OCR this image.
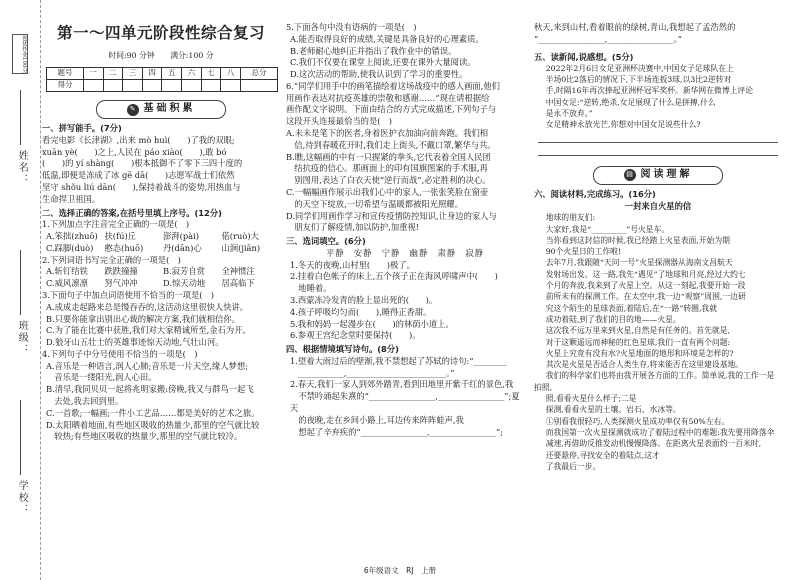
创优作业100分
姓名：
班级：
学校：
第一～四单元阶段性综合复习
时间:90 分钟　　满分:100 分
题号	一	二	三	四	五	六	七	八	总分
得分									
✎ 基础积累

一、拼写能手。(7分)

看完电影《长津湖》,出来 mò huì(　　)了我的双眼;

xuān yè(　　)之上,人民在 páo xiào(　　),敢 bó

(　　)的 yí shàng(　　)根本抵御不了零下三四十度的

低温,即便是冻成了冰 gē dā(　　)志愿军战士们依然

坚守 shǒu liú dān(　　),保持着战斗的姿势,用热血与

生命捍卫祖国。

二、选择正确的答案,在括号里填上序号。(12分)

1.下列加点字注音完全正确的一项是(　)

A.笨拙(zhuō) 扶(fú)丘	澎湃(pài)	偌(ruò)大
C.踩脚(duò)	憨态(huō)	丹(dān)心	山涧(jiān)

2.下列词语书写完全正确的一项是(　)

A.斩钉结铁	跌跌撞撞	B.寂芳自赏	全神惯注
C.威风凛凛	努气冲冲	D.惊天动地	居高临下

3.下面句子中加点词语使用不恰当的一项是(　)

A.成成走起路来总是慢吞吞的,这活动这里很快人快讲。

B.只要你能拿出别出心裁的解决方案,我们就相信你。

C.为了能在比赛中获胜,我们对大家精诚所至,金石为开。

D.狼牙山五壮士的英雄事迹惊天动地,气壮山河。

4.下列句子中分号使用不恰当的一项是(　)

A.音乐是一种语言,润人心肺;音乐是一片天空,缘人梦想;

　音乐是一缕阳光,润人心田。

B.清早,我同贝贝一起将兆明家搬:傍晚,我又与群鸟一起飞

　去处,我去回到里。

C.一首歌;一幅画;一件小工艺品……都是美好的艺术之旅。

D.太阳晒着地面,有些地区吸收的热量少,那里的空气就比较

　较热;有些地区吸收的热量少,那里的空气就比较冷。

5.下面各句中没有语病的一项是(　)

A.能否取得良好的成绩,关键是具备良好的心理素质。

B.老师耐心地纠正并指出了我作业中的错误。

C.我们不仅要在课堂上阅读,还要在课外大量阅读。

D.这次活动的帮助,使我认识到了学习的重要性。

6.“同学们用手中的画笔描绘着这场战疫中的感人画面,他们

用画作表达对抗疫英雄的崇敬和感谢……”现在请根据给

画作配文字说明。下面由结合的方式完成描述,下列句子与

这段开头连接最恰当的是(　)

A.未未是笔下的医者,身着医护衣加油向前奔跑。我们相

　信,待到春暖花开时,我们走上街头,不戴口罩,繁华与共。

B.瞧,这幅画的中有一只握紧的拳头,它代表着全国人民团

　结抗疫的信心。那画面上的印有国旗图案的手术服,再

　别图用,表达了白衣天使“逆行而战”,必定胜利的决心。

C.一幅幅画作展示出我们心中的家人,一张张笑脸在窗壶

　的天空下绽放,一切希望与温暖都被阳光照耀。

D.同学们用画作学习和宣传疫情防控知识,让身边的家人与

　朋友们了解疫情,加以防护,加重视!

三、选词填空。(6分)

平静　安静　宁静　幽静　肃静　寂静

1.冬天的夜晚,山村里(　　)极了。

2.挂着白色帐子的床上,五个孩子正在海风呼啸声中(　　)

　地睡着。

3.西蒙冻冷发青的脸上显出死的(　　)。

4.孩子呼吸均匀而(　　),睡得正香甜。

5.我和妈妈一起漫步在(　　)的林荫小道上。

6.参观王宫纪念堂时要保持(　　)。

四、根据情境填写诗句。(8分)

1.望着大雨过后的壁渐,我不禁想起了苏轼的诗句:“________

　___________,________________________。”

2.春天,我们一家人到郊外踏青,看到田地里开紫千红的景色,我

　不禁吟诵起朱熹的“________________,________________”;夏天

　的夜晚,走在乡间小路上,耳边传来阵阵蛙声,我

　想起了辛弃疾的“________________,________________”;

秋天,来到山村,看着眼前的绿树,青山,我想起了孟浩然的

“________________,________________。”

五、读新闻,说感想。(5分)

2022年2月6日女足亚洲杯决赛中,中国女子足球队在上

半场0比2落后的情况下,下半场连扳3球,以3比2逆转对

手,时隔16年再次捧起亚洲杯冠军奖杯。新华网在微博上评论

中国女足:“逆转,绝杀,女足展现了什么是拼搏,什么

是永不放弃。”

女足精神永放光芒,你想对中国女足说些什么?

▤ 阅读理解

六、阅读材料,完成练习。(16分)

一封来自火星的信

地球的朋友们:

大家好,我是“_________”号火星车。

当你看到这封信的时候,我已经踏上火星表面,开始为期

90个火星日的工作啦!

去年7月,我跟随“天问一号”火星探测器从海南文昌航天

发射场出发。这一路,我先“遇见”了地球和月亮,经过大约七

个月的奔波,我来到了火星上空。从这一刻起,我要开始一段

前所未有的探测工作。在太空中,我一边“观察”周围,一边研

究这个陌生的星球表面,着陆后,在“一路”转圈,我就

成功着陆,到了我们的目的地——火星。

这次我不远万里来到火星,自然是有任务的。首先就是,

对于这颗遥远而神秘的红色星球,我们一直有两个问题:

火星上究竟有没有水?火星地面的地形和环境是怎样的?

其次是火星是否适合人类生存,将来能否在这里建设基地。

我们的科学家们也将由我开展各方面的工作。简单说,我的工作一是拍照,

照,看看火星什么样子;二是

探测,看看火星的土壤、岩石、水冰等。

①别看我很轻巧,人类探测火星成功率仅有50%左右。

而我国第一次火星探测就成功了着陆过程中的难题:我先要用降落伞

减速,再借助反推发动机慢慢降落。在距离火星表面约一百米时,

还要悬停,寻找安全的着陆点,这才

了我最后一步。

6年级语文　RJ　上册
